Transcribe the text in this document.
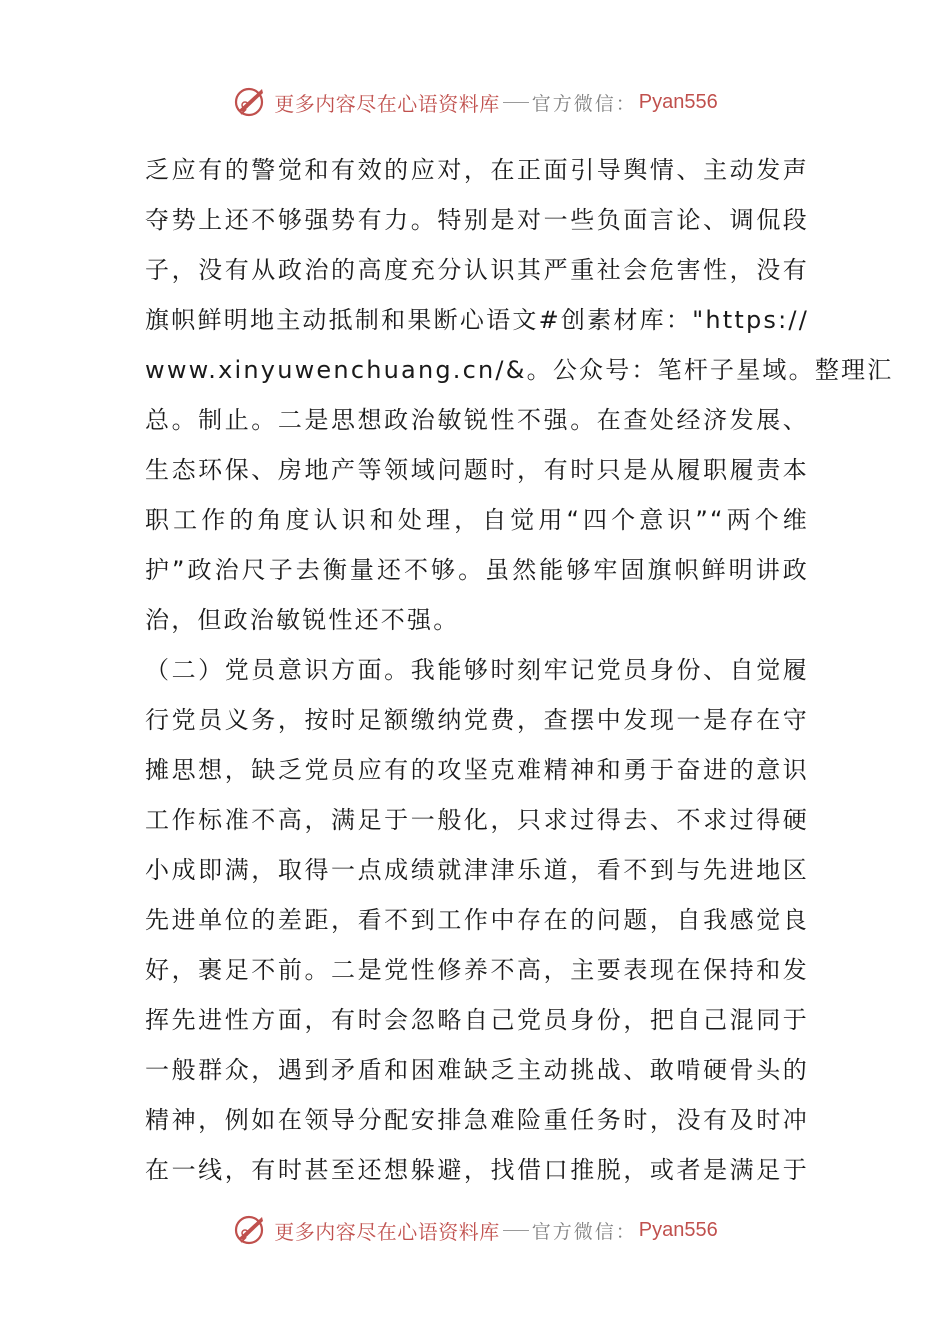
更多内容尽在心语资料库 官方微信： Pyan556
乏应有的警觉和有效的应对，在正面引导舆情、主动发声
夺势上还不够强势有力。特别是对一些负面言论、调侃段
子，没有从政治的高度充分认识其严重社会危害性，没有
旗帜鲜明地主动抵制和果断心语文#创素材库："https://
www.xinyuwenchuang.cn/&。公众号：笔杆子星域。整理汇
总。制止。二是思想政治敏锐性不强。在查处经济发展、
生态环保、房地产等领域问题时，有时只是从履职履责本
职工作的角度认识和处理，自觉用“四个意识”“两个维
护”政治尺子去衡量还不够。虽然能够牢固旗帜鲜明讲政
治，但政治敏锐性还不强。
（二）党员意识方面。我能够时刻牢记党员身份、自觉履
行党员义务，按时足额缴纳党费，查摆中发现一是存在守
摊思想，缺乏党员应有的攻坚克难精神和勇于奋进的意识
工作标准不高，满足于一般化，只求过得去、不求过得硬
小成即满，取得一点成绩就津津乐道，看不到与先进地区
先进单位的差距，看不到工作中存在的问题，自我感觉良
好，裹足不前。二是党性修养不高，主要表现在保持和发
挥先进性方面，有时会忽略自己党员身份，把自己混同于
一般群众，遇到矛盾和困难缺乏主动挑战、敢啃硬骨头的
精神，例如在领导分配安排急难险重任务时，没有及时冲
在一线，有时甚至还想躲避，找借口推脱，或者是满足于
更多内容尽在心语资料库 官方微信： Pyan556
